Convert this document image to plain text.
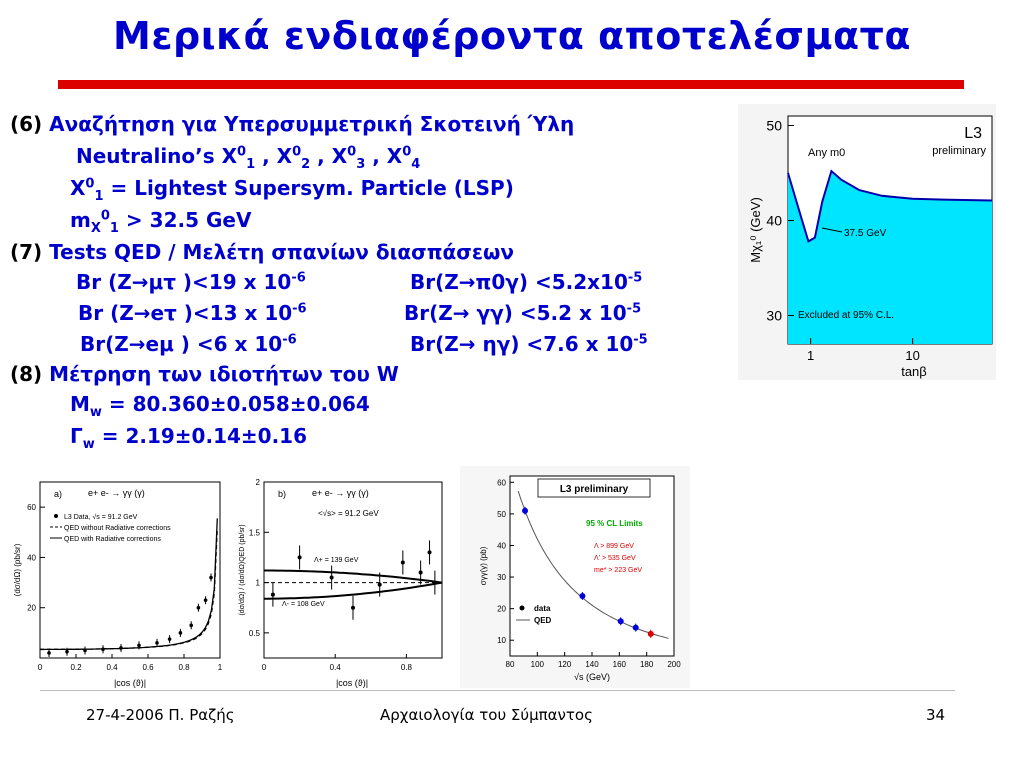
Μερικά ενδιαφέροντα αποτελέσματα
(6) Αναζήτηση για Υπερσυμμετρική Σκοτεινή Ύλη
Neutralino’s $X^0_1$ , $X^0_2$ , $X^0_3$ , $X^0_4$
$X^0_1$ = Lightest Supersym. Particle (LSP)
$m_X^0_1 > 32.5$ GeV
(7) Tests QED / Μελέτη σπανίων διασπάσεων
Br (Z→μτ )<19 x $10^{-6}$	$Br(Z\to\pi 0\gamma) <5.2x10^{-5}$
Br (Z→eτ )<13 x $10^{-6}$	Br(Z→ γγ) <5.2 x $10^{-5}$
Br(Z→eμ ) <6 x $10^{-6}$	Br(Z→ ηγ) <7.6 x $10^{-5}$
(8) Μέτρηση των ιδιοτήτων του W
$M_w = 80.360\pm 0.058\pm 0.064$
$\Gamma_w = 2.19\pm 0.14\pm 0.16$
30
40
50
1	10
tanβ
Mχ₁⁰ (GeV)
L3
preliminary
Any m0
37.5 GeV
Excluded at 95% C.L.
20
40
60
0	0.2	0.4	0.6	0.8	1
|cos (ϑ)|
(dσ/dΩ) (pb/sr)
a)	e+ e- → γγ (γ)
L3 Data, √s = 91.2 GeV
QED without Radiative corrections
QED with Radiative corrections
0.5
1
1.5
2
0	0.4	0.8
|cos (ϑ)|
(dσ/dΩ) / (dσ/dΩ)QED (pb/sr)
b)	e+ e- → γγ (γ)
<√s> = 91.2 GeV
Λ+ = 139 GeV
Λ- = 108 GeV
10
20
30
40
50
60
80 100 120 140 160 180 200
√s (GeV)
σγγ(γ) (pb)
L3 preliminary
95 % CL Limits
Λ > 899 GeV
Λ' > 535 GeV
me* > 223 GeV
data
QED
27-4-2006 Π. Ραζής	Αρχαιολογία του Σύμπαντος	34
